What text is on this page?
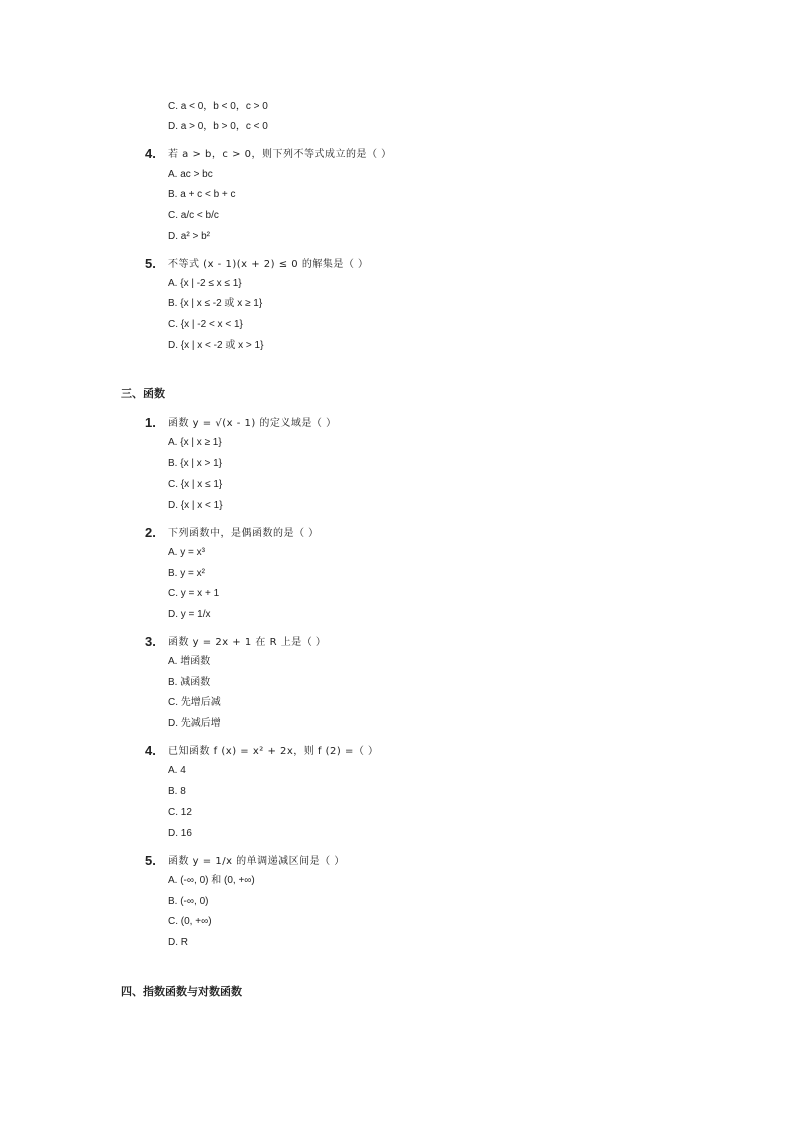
C. a < 0，b < 0，c > 0
D. a > 0，b > 0，c < 0
4. 若 a > b，c > 0，则下列不等式成立的是（ ）
A. ac > bc
B. a + c < b + c
C. a/c < b/c
D. a² > b²
5. 不等式 (x - 1)(x + 2) ≤ 0 的解集是（ ）
A. {x | -2 ≤ x ≤ 1}
B. {x | x ≤ -2 或 x ≥ 1}
C. {x | -2 < x < 1}
D. {x | x < -2 或 x > 1}
三、函数
1. 函数 y = √(x - 1) 的定义域是（ ）
A. {x | x ≥ 1}
B. {x | x > 1}
C. {x | x ≤ 1}
D. {x | x < 1}
2. 下列函数中，是偶函数的是（ ）
A. y = x³
B. y = x²
C. y = x + 1
D. y = 1/x
3. 函数 y = 2x + 1 在 R 上是（ ）
A. 增函数
B. 减函数
C. 先增后减
D. 先减后增
4. 已知函数 f (x) = x² + 2x，则 f (2) =（ ）
A. 4
B. 8
C. 12
D. 16
5. 函数 y = 1/x 的单调递减区间是（ ）
A. (-∞, 0) 和 (0, +∞)
B. (-∞, 0)
C. (0, +∞)
D. R
四、指数函数与对数函数
